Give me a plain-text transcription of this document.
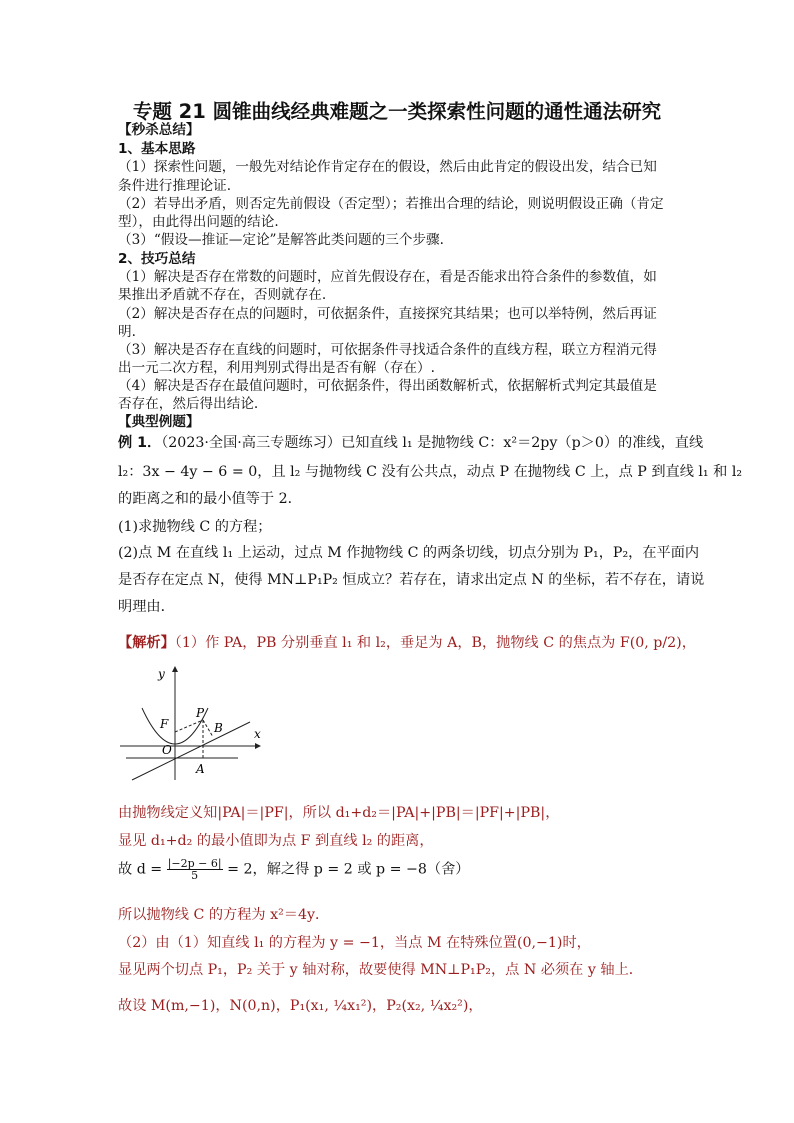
专题 21 圆锥曲线经典难题之一类探索性问题的通性通法研究
【秒杀总结】
1、基本思路
（1）探索性问题，一般先对结论作肯定存在的假设，然后由此肯定的假设出发，结合已知
条件进行推理论证.
（2）若导出矛盾，则否定先前假设（否定型）；若推出合理的结论，则说明假设正确（肯定
型），由此得出问题的结论.
（3）“假设—推证—定论”是解答此类问题的三个步骤.
2、技巧总结
（1）解决是否存在常数的问题时，应首先假设存在，看是否能求出符合条件的参数值，如
果推出矛盾就不存在，否则就存在.
（2）解决是否存在点的问题时，可依据条件，直接探究其结果；也可以举特例，然后再证
明.
（3）解决是否存在直线的问题时，可依据条件寻找适合条件的直线方程，联立方程消元得
出一元二次方程，利用判别式得出是否有解（存在）.
（4）解决是否存在最值问题时，可依据条件，得出函数解析式，依据解析式判定其最值是
否存在，然后得出结论.
【典型例题】
例 1．（2023·全国·高三专题练习）已知直线 l₁ 是抛物线 C：x²＝2py（p＞0）的准线，直线
l₂：3x − 4y − 6 = 0，且 l₂ 与抛物线 C 没有公共点，动点 P 在抛物线 C 上，点 P 到直线 l₁ 和 l₂
的距离之和的最小值等于 2．
(1)求抛物线 C 的方程；
(2)点 M 在直线 l₁ 上运动，过点 M 作抛物线 C 的两条切线，切点分别为 P₁，P₂，在平面内
是否存在定点 N，使得 MN⊥P₁P₂ 恒成立？若存在，请求出定点 N 的坐标，若不存在，请说
明理由．
【解析】（1）作 PA，PB 分别垂直 l₁ 和 l₂，垂足为 A，B，抛物线 C 的焦点为 F(0, p/2)，
y
x
O
F
P
B
A
由抛物线定义知|PA|＝|PF|，所以 d₁+d₂＝|PA|+|PB|＝|PF|+|PB|，
显见 d₁+d₂ 的最小值即为点 F 到直线 l₂ 的距离，
故 $d = \frac{|-2p - 6|}{5} = 2$，解之得 p = 2 或 p = −8（舍）
所以抛物线 C 的方程为 x²＝4y．
（2）由（1）知直线 l₁ 的方程为 y = −1，当点 M 在特殊位置(0,−1)时，
显见两个切点 P₁，P₂ 关于 y 轴对称，故要使得 MN⊥P₁P₂，点 N 必须在 y 轴上．
故设 M(m,−1)，N(0,n)，P₁(x₁, ¼x₁²)，P₂(x₂, ¼x₂²)，
